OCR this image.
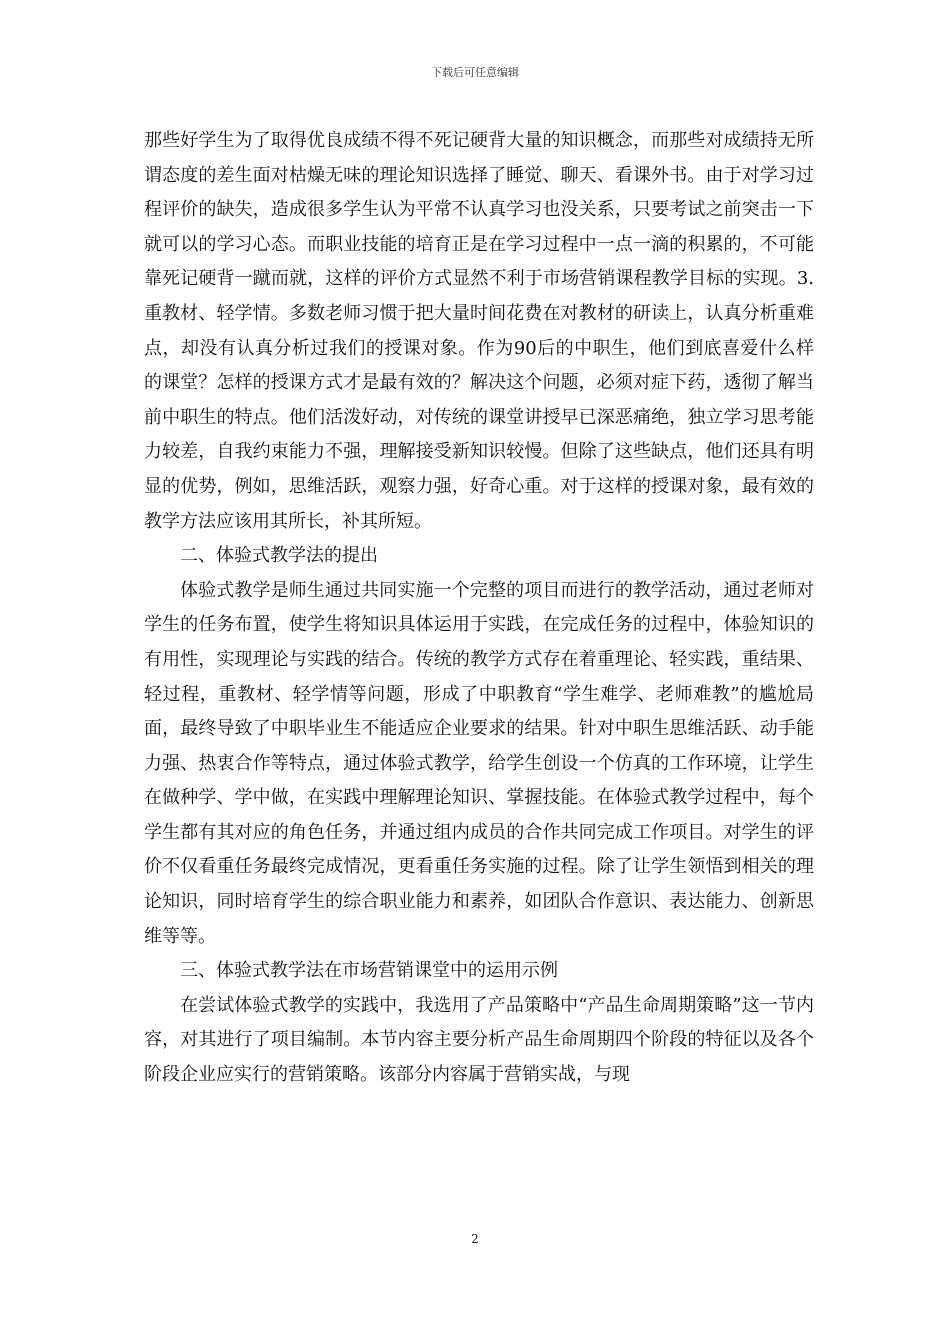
下载后可任意编辑

那些好学生为了取得优良成绩不得不死记硬背大量的知识概念，而那些对成绩持无所谓态度的差生面对枯燥无味的理论知识选择了睡觉、聊天、看课外书。由于对学习过程评价的缺失，造成很多学生认为平常不认真学习也没关系，只要考试之前突击一下就可以的学习心态。而职业技能的培育正是在学习过程中一点一滴的积累的，不可能靠死记硬背一蹴而就，这样的评价方式显然不利于市场营销课程教学目标的实现。3.重教材、轻学情。多数老师习惯于把大量时间花费在对教材的研读上，认真分析重难点，却没有认真分析过我们的授课对象。作为90后的中职生，他们到底喜爱什么样的课堂？怎样的授课方式才是最有效的？解决这个问题，必须对症下药，透彻了解当前中职生的特点。他们活泼好动，对传统的课堂讲授早已深恶痛绝，独立学习思考能力较差，自我约束能力不强，理解接受新知识较慢。但除了这些缺点，他们还具有明显的优势，例如，思维活跃，观察力强，好奇心重。对于这样的授课对象，最有效的教学方法应该用其所长，补其所短。

二、体验式教学法的提出

体验式教学是师生通过共同实施一个完整的项目而进行的教学活动，通过老师对学生的任务布置，使学生将知识具体运用于实践，在完成任务的过程中，体验知识的有用性，实现理论与实践的结合。传统的教学方式存在着重理论、轻实践，重结果、轻过程，重教材、轻学情等问题，形成了中职教育“学生难学、老师难教”的尴尬局面，最终导致了中职毕业生不能适应企业要求的结果。针对中职生思维活跃、动手能力强、热衷合作等特点，通过体验式教学，给学生创设一个仿真的工作环境，让学生在做种学、学中做，在实践中理解理论知识、掌握技能。在体验式教学过程中，每个学生都有其对应的角色任务，并通过组内成员的合作共同完成工作项目。对学生的评价不仅看重任务最终完成情况，更看重任务实施的过程。除了让学生领悟到相关的理论知识，同时培育学生的综合职业能力和素养，如团队合作意识、表达能力、创新思维等等。

三、体验式教学法在市场营销课堂中的运用示例

在尝试体验式教学的实践中，我选用了产品策略中“产品生命周期策略”这一节内容，对其进行了项目编制。本节内容主要分析产品生命周期四个阶段的特征以及各个阶段企业应实行的营销策略。该部分内容属于营销实战，与现

2
